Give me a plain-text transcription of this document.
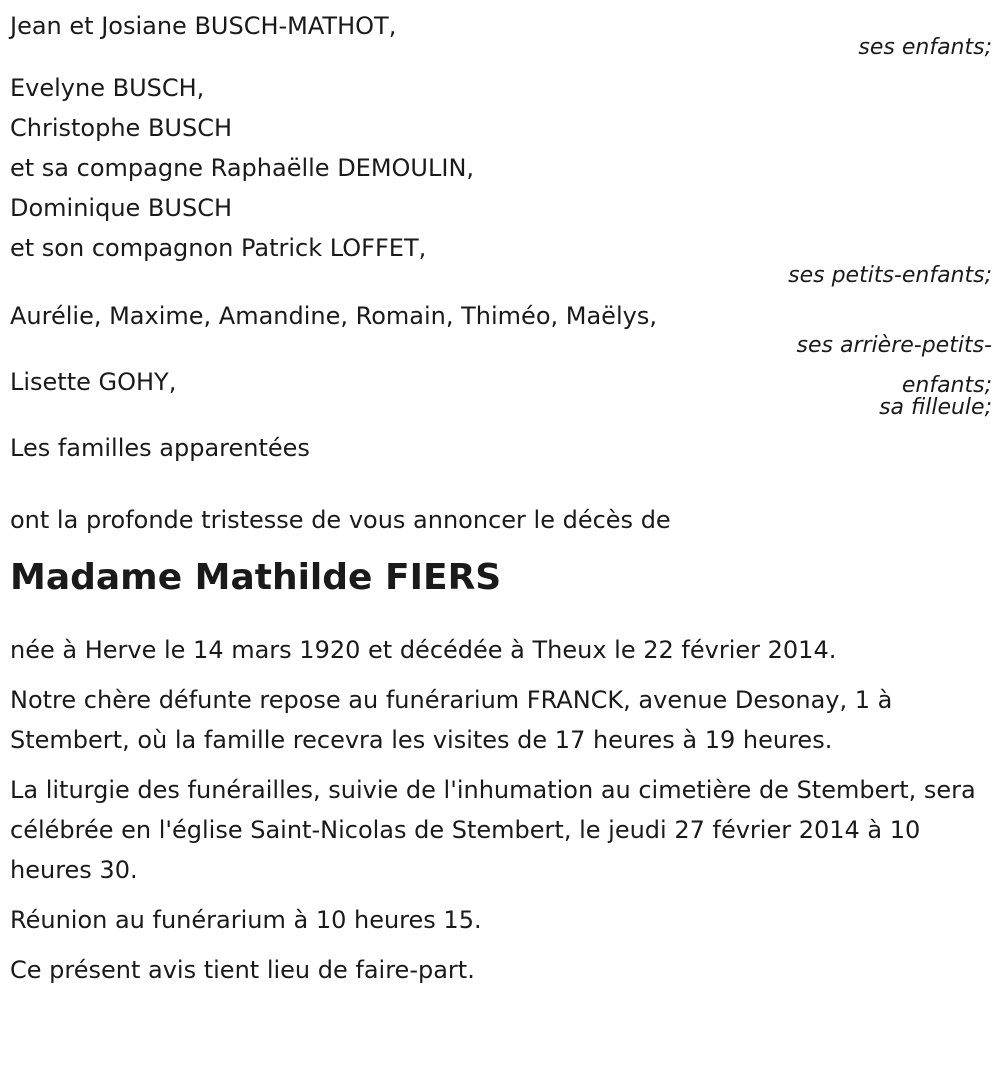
Jean et Josiane BUSCH-MATHOT,
ses enfants;
Evelyne BUSCH,
Christophe BUSCH
et sa compagne Raphaëlle DEMOULIN,
Dominique BUSCH
et son compagnon Patrick LOFFET,
ses petits-enfants;
Aurélie, Maxime, Amandine, Romain, Thiméo, Maëlys,
ses arrière-petits-enfants;
Lisette GOHY,
sa filleule;
Les familles apparentées
ont la profonde tristesse de vous annoncer le décès de
Madame Mathilde FIERS
née à Herve le 14 mars 1920 et décédée à Theux le 22 février 2014.
Notre chère défunte repose au funérarium FRANCK, avenue Desonay, 1 à Stembert, où la famille recevra les visites de 17 heures à 19 heures.
La liturgie des funérailles, suivie de l'inhumation au cimetière de Stembert, sera célébrée en l'église Saint-Nicolas de Stembert, le jeudi 27 février 2014 à 10 heures 30.
Réunion au funérarium à 10 heures 15.
Ce présent avis tient lieu de faire-part.
